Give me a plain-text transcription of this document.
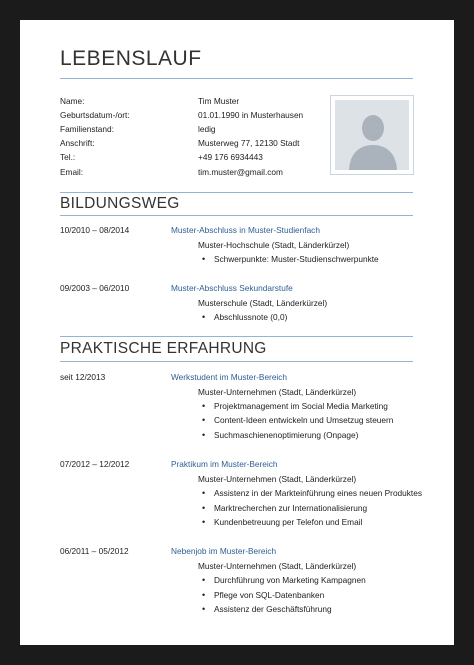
LEBENSLAUF
Name:	Tim Muster
Geburtsdatum-/ort:	01.01.1990 in Musterhausen
Familienstand:	ledig
Anschrift:	Musterweg 77, 12130 Stadt
Tel.:	+49 176 6934443
Email:	tim.muster@gmail.com
BILDUNGSWEG
10/2010 – 08/2014	Muster-Abschluss in Muster-Studienfach
Muster-Hochschule (Stadt, Länderkürzel)
• Schwerpunkte: Muster-Studienschwerpunkte
09/2003 – 06/2010	Muster-Abschluss Sekundarstufe
Musterschule (Stadt, Länderkürzel)
• Abschlussnote (0,0)
PRAKTISCHE ERFAHRUNG
seit 12/2013	Werkstudent im Muster-Bereich
Muster-Unternehmen (Stadt, Länderkürzel)
• Projektmanagement im Social Media Marketing
• Content-Ideen entwickeln und Umsetzug steuern
• Suchmaschienenoptimierung (Onpage)
07/2012 – 12/2012	Praktikum im Muster-Bereich
Muster-Unternehmen (Stadt, Länderkürzel)
• Assistenz in der Markteinführung eines neuen Produktes
• Marktrecherchen zur Internationalisierung
• Kundenbetreuung per Telefon und Email
06/2011 – 05/2012	Nebenjob im Muster-Bereich
Muster-Unternehmen (Stadt, Länderkürzel)
• Durchführung von Marketing Kampagnen
• Pflege von SQL-Datenbanken
• Assistenz der Geschäftsführung
